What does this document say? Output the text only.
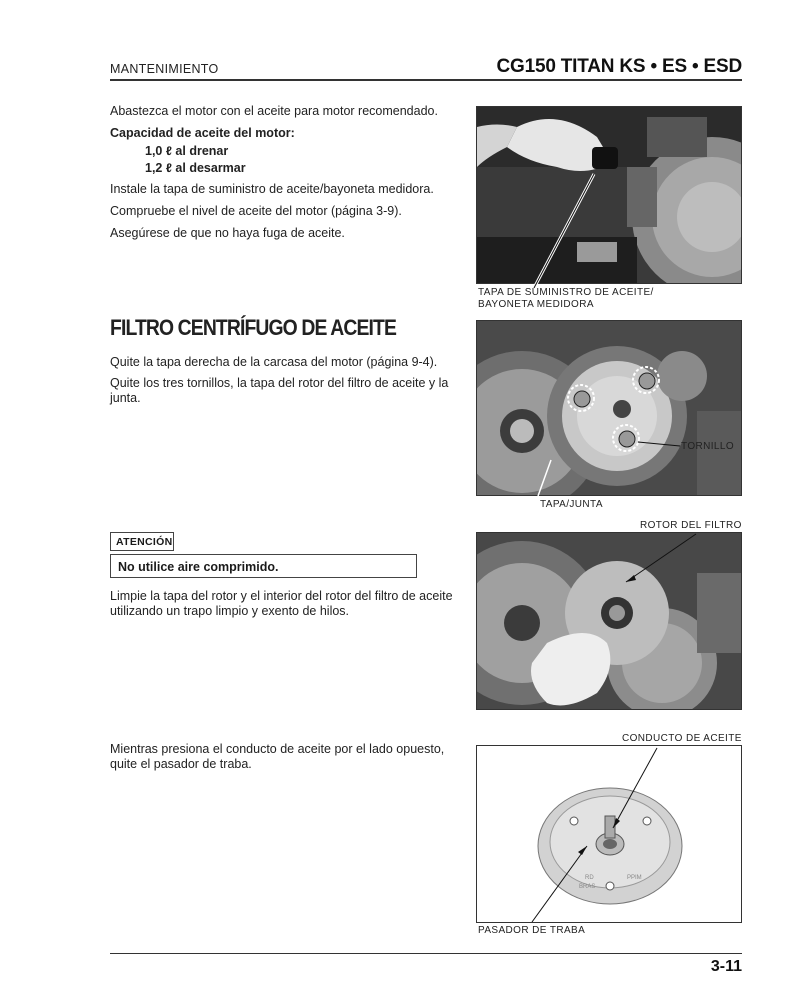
MANTENIMIENTO	CG150 TITAN KS • ES • ESD
Abastezca el motor con el aceite para motor recomendado.
Capacidad de aceite del motor:
1,0 ℓ al drenar
1,2 ℓ al desarmar
Instale la tapa de suministro de aceite/bayoneta medidora.
Compruebe el nivel de aceite del motor (página 3-9).
Asegúrese de que no haya fuga de aceite.
TAPA DE SUMINISTRO DE ACEITE/
BAYONETA MEDIDORA
FILTRO CENTRÍFUGO DE ACEITE
Quite la tapa derecha de la carcasa del motor (página 9-4).
Quite los tres tornillos, la tapa del rotor del filtro de aceite y la
junta.
TORNILLO
TAPA/JUNTA
ATENCIÓN
No utilice aire comprimido.
Limpie la tapa del rotor y el interior del rotor del filtro de aceite
utilizando un trapo limpio y exento de hilos.
ROTOR DEL FILTRO
Mientras presiona el conducto de aceite por el lado opuesto,
quite el pasador de traba.
CONDUCTO DE ACEITE
RD
BRAS
PPIM
PASADOR DE TRABA
3-11
